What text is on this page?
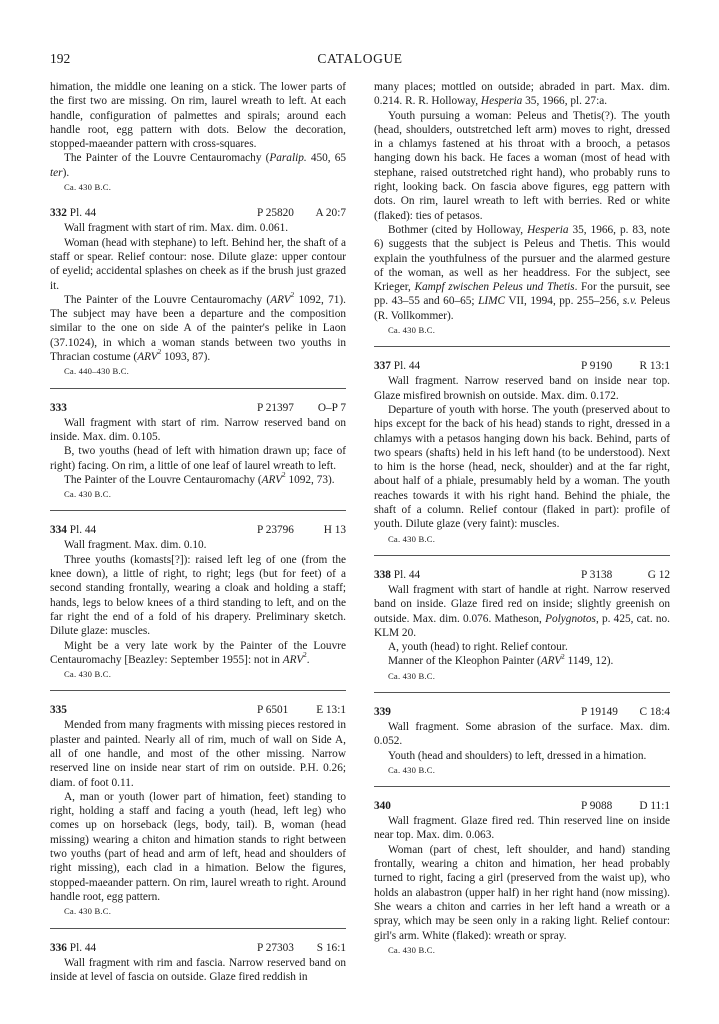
192	CATALOGUE

himation, the middle one leaning on a stick. The lower parts of the first two are missing. On rim, laurel wreath to left. At each handle, configuration of palmettes and spirals; around each handle root, egg pattern with dots. Below the decoration, stopped-maeander pattern with cross-squares.

The Painter of the Louvre Centauromachy (Paralip. 450, 65 ter).

Ca. 430 B.C.

332 Pl. 44	P 25820 A 20:7

Wall fragment with start of rim. Max. dim. 0.061.

Woman (head with stephane) to left. Behind her, the shaft of a staff or spear. Relief contour: nose. Dilute glaze: upper contour of eyelid; accidental splashes on cheek as if the brush just grazed it.

The Painter of the Louvre Centauromachy (ARV$^2$ 1092, 71). The subject may have been a departure and the composition similar to the one on side A of the painter's pelike in Laon (37.1024), in which a woman stands between two youths in Thracian costume (ARV$^2$ 1093, 87).

Ca. 440–430 B.C.

333	P 21397 O–P 7

Wall fragment with start of rim. Narrow reserved band on inside. Max. dim. 0.105.

B, two youths (head of left with himation drawn up; face of right) facing. On rim, a little of one leaf of laurel wreath to left.

The Painter of the Louvre Centauromachy (ARV$^2$ 1092, 73).

Ca. 430 B.C.

334 Pl. 44	P 23796	H 13

Wall fragment. Max. dim. 0.10.

Three youths (komasts[?]): raised left leg of one (from the knee down), a little of right, to right; legs (but for feet) of a second standing frontally, wearing a cloak and holding a staff; hands, legs to below knees of a third standing to left, and on the far right the end of a fold of his drapery. Preliminary sketch. Dilute glaze: muscles.

Might be a very late work by the Painter of the Louvre Centauromachy [Beazley: September 1955]: not in ARV$^2$.

Ca. 430 B.C.

335	P 6501 E 13:1

Mended from many fragments with missing pieces restored in plaster and painted. Nearly all of rim, much of wall on Side A, all of one handle, and most of the other missing. Narrow reserved line on inside near start of rim on outside. P.H. 0.26; diam. of foot 0.11.

A, man or youth (lower part of himation, feet) standing to right, holding a staff and facing a youth (head, left leg) who comes up on horseback (legs, body, tail). B, woman (head missing) wearing a chiton and himation stands to right between two youths (part of head and arm of left, head and shoulders of right missing), each clad in a himation. Below the figures, stopped-maeander pattern. On rim, laurel wreath to right. Around handle root, egg pattern.

Ca. 430 B.C.

336 Pl. 44	P 27303 S 16:1

Wall fragment with rim and fascia. Narrow reserved band on inside at level of fascia on outside. Glaze fired reddish in

many places; mottled on outside; abraded in part. Max. dim. 0.214. R. R. Holloway, Hesperia 35, 1966, pl. 27:a.

Youth pursuing a woman: Peleus and Thetis(?). The youth (head, shoulders, outstretched left arm) moves to right, dressed in a chlamys fastened at his throat with a brooch, a petasos hanging down his back. He faces a woman (most of head with stephane, raised outstretched right hand), who probably runs to right, looking back. On fascia above figures, egg pattern with dots. On rim, laurel wreath to left with berries. Red or white (flaked): ties of petasos.

Bothmer (cited by Holloway, Hesperia 35, 1966, p. 83, note 6) suggests that the subject is Peleus and Thetis. This would explain the youthfulness of the pursuer and the alarmed gesture of the woman, as well as her headdress. For the subject, see Krieger, Kampf zwischen Peleus und Thetis. For the pursuit, see pp. 43–55 and 60–65; LIMC VII, 1994, pp. 255–256, s.v. Peleus (R. Vollkommer).

Ca. 430 B.C.

337 Pl. 44	P 9190 R 13:1

Wall fragment. Narrow reserved band on inside near top. Glaze misfired brownish on outside. Max. dim. 0.172.

Departure of youth with horse. The youth (preserved about to hips except for the back of his head) stands to right, dressed in a chlamys with a petasos hanging down his back. Behind, parts of two spears (shafts) held in his left hand (to be understood). Next to him is the horse (head, neck, shoulder) and at the far right, about half of a phiale, presumably held by a woman. The youth reaches towards it with his right hand. Behind the phiale, the shaft of a column. Relief contour (flaked in part): profile of youth. Dilute glaze (very faint): muscles.

Ca. 430 B.C.

338 Pl. 44	P 3138	G 12

Wall fragment with start of handle at right. Narrow reserved band on inside. Glaze fired red on inside; slightly greenish on outside. Max. dim. 0.076. Matheson, Polygnotos, p. 425, cat. no. KLM 20.

A, youth (head) to right. Relief contour.

Manner of the Kleophon Painter (ARV$^2$ 1149, 12).

Ca. 430 B.C.

339	P 19149 C 18:4

Wall fragment. Some abrasion of the surface. Max. dim. 0.052.

Youth (head and shoulders) to left, dressed in a himation.

Ca. 430 B.C.

340	P 9088 D 11:1

Wall fragment. Glaze fired red. Thin reserved line on inside near top. Max. dim. 0.063.

Woman (part of chest, left shoulder, and hand) standing frontally, wearing a chiton and himation, her head probably turned to right, facing a girl (preserved from the waist up), who holds an alabastron (upper half) in her right hand (now missing). She wears a chiton and carries in her left hand a wreath or a spray, which may be seen only in a raking light. Relief contour: girl's arm. White (flaked): wreath or spray.

Ca. 430 B.C.
